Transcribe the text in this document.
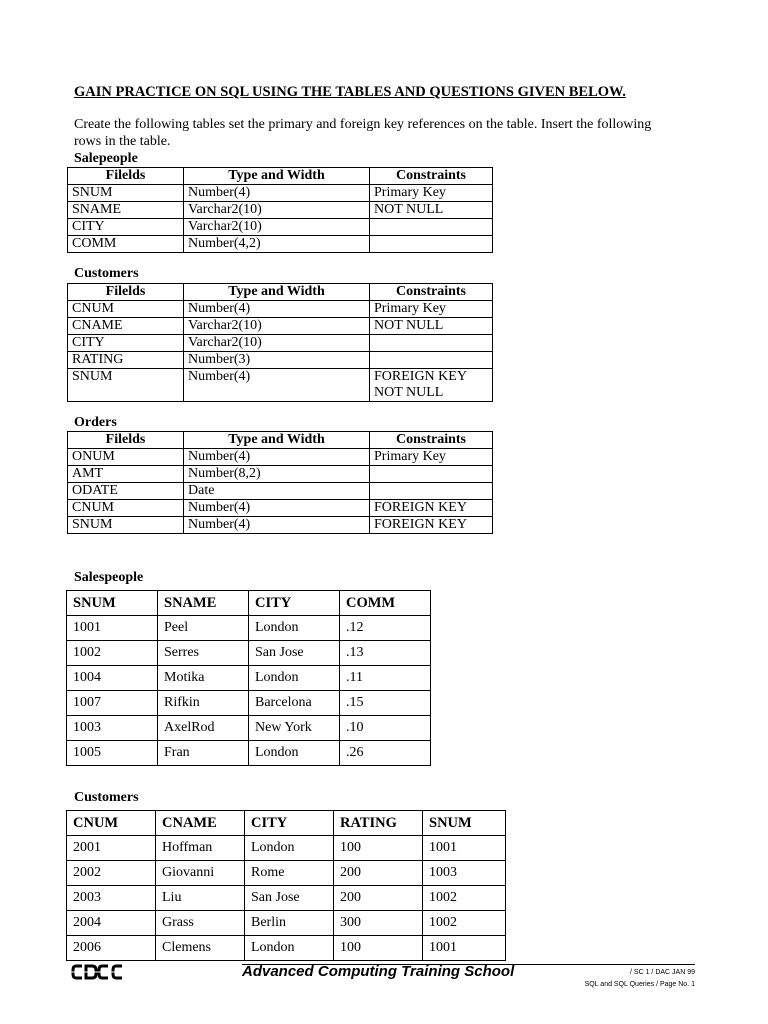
GAIN PRACTICE ON SQL USING THE TABLES AND QUESTIONS GIVEN BELOW.
Create the following tables set the primary and foreign key references on the table. Insert the following rows in the table.
Salepeople
Filelds	Type and Width	Constraints
SNUM	Number(4)	Primary Key
SNAME	Varchar2(10)	NOT NULL
CITY	Varchar2(10)	
COMM	Number(4,2)	
Customers
Filelds	Type and Width	Constraints
CNUM	Number(4)	Primary Key
CNAME	Varchar2(10)	NOT NULL
CITY	Varchar2(10)	
RATING	Number(3)	
SNUM	Number(4)	FOREIGN KEY
NOT NULL
Orders
Filelds	Type and Width	Constraints
ONUM	Number(4)	Primary Key
AMT	Number(8,2)	
ODATE	Date	
CNUM	Number(4)	FOREIGN KEY
SNUM	Number(4)	FOREIGN KEY
Salespeople
SNUM	SNAME	CITY	COMM
1001	Peel	London	.12
1002	Serres	San Jose	.13
1004	Motika	London	.11
1007	Rifkin	Barcelona	.15
1003	AxelRod	New York	.10
1005	Fran	London	.26
Customers
CNUM	CNAME	CITY	RATING	SNUM
2001	Hoffman	London	100	1001
2002	Giovanni	Rome	200	1003
2003	Liu	San Jose	200	1002
2004	Grass	Berlin	300	1002
2006	Clemens	London	100	1001
Advanced Computing Training School	/ SC 1 / DAC JAN 99
SQL and SQL Queries / Page No. 1
